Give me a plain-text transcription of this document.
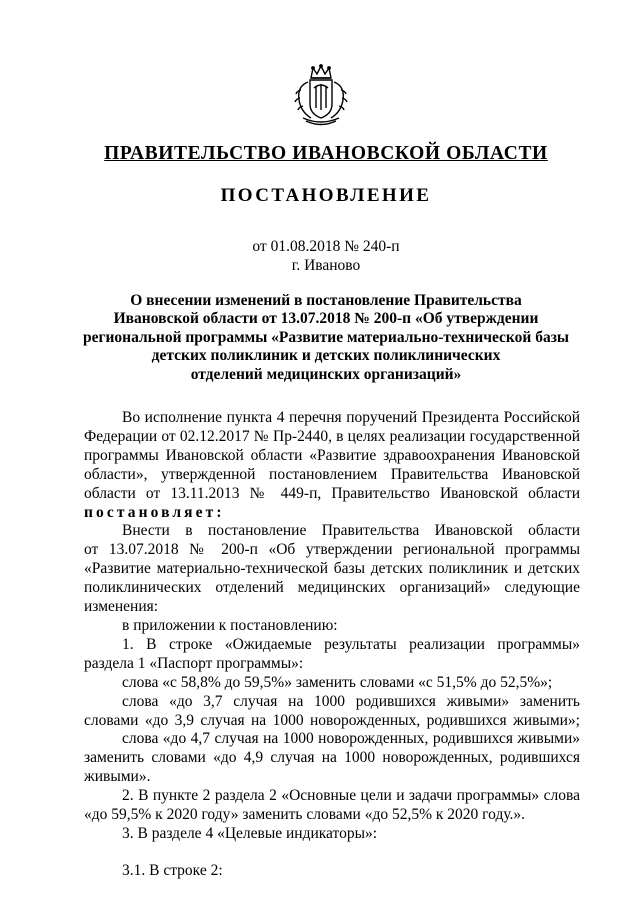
ПРАВИТЕЛЬСТВО ИВАНОВСКОЙ ОБЛАСТИ
ПОСТАНОВЛЕНИЕ
от 01.08.2018 № 240-п
г. Иваново
О внесении изменений в постановление Правительства
Ивановской области от 13.07.2018 № 200-п «Об утверждении
региональной программы «Развитие материально-технической базы
детских поликлиник и детских поликлинических
отделений медицинских организаций»
Во исполнение пункта 4 перечня поручений Президента Российской
Федерации от 02.12.2017 № Пр-2440, в целях реализации государственной
программы Ивановской области «Развитие здравоохранения Ивановской
области», утвержденной постановлением Правительства Ивановской
области от 13.11.2013 № 449-п, Правительство Ивановской области
постановляет:
Внести в постановление Правительства Ивановской области
от 13.07.2018 № 200-п «Об утверждении региональной программы
«Развитие материально-технической базы детских поликлиник и детских
поликлинических отделений медицинских организаций» следующие
изменения:
в приложении к постановлению:
1. В строке «Ожидаемые результаты реализации программы»
раздела 1 «Паспорт программы»:
слова «с 58,8% до 59,5%» заменить словами «с 51,5% до 52,5%»;
слова «до 3,7 случая на 1000 родившихся живыми» заменить
словами «до 3,9 случая на 1000 новорожденных, родившихся живыми»;
слова «до 4,7 случая на 1000 новорожденных, родившихся живыми»
заменить словами «до 4,9 случая на 1000 новорожденных, родившихся
живыми».
2. В пункте 2 раздела 2 «Основные цели и задачи программы» слова
«до 59,5% к 2020 году» заменить словами «до 52,5% к 2020 году.».
3. В разделе 4 «Целевые индикаторы»:
3.1. В строке 2:
